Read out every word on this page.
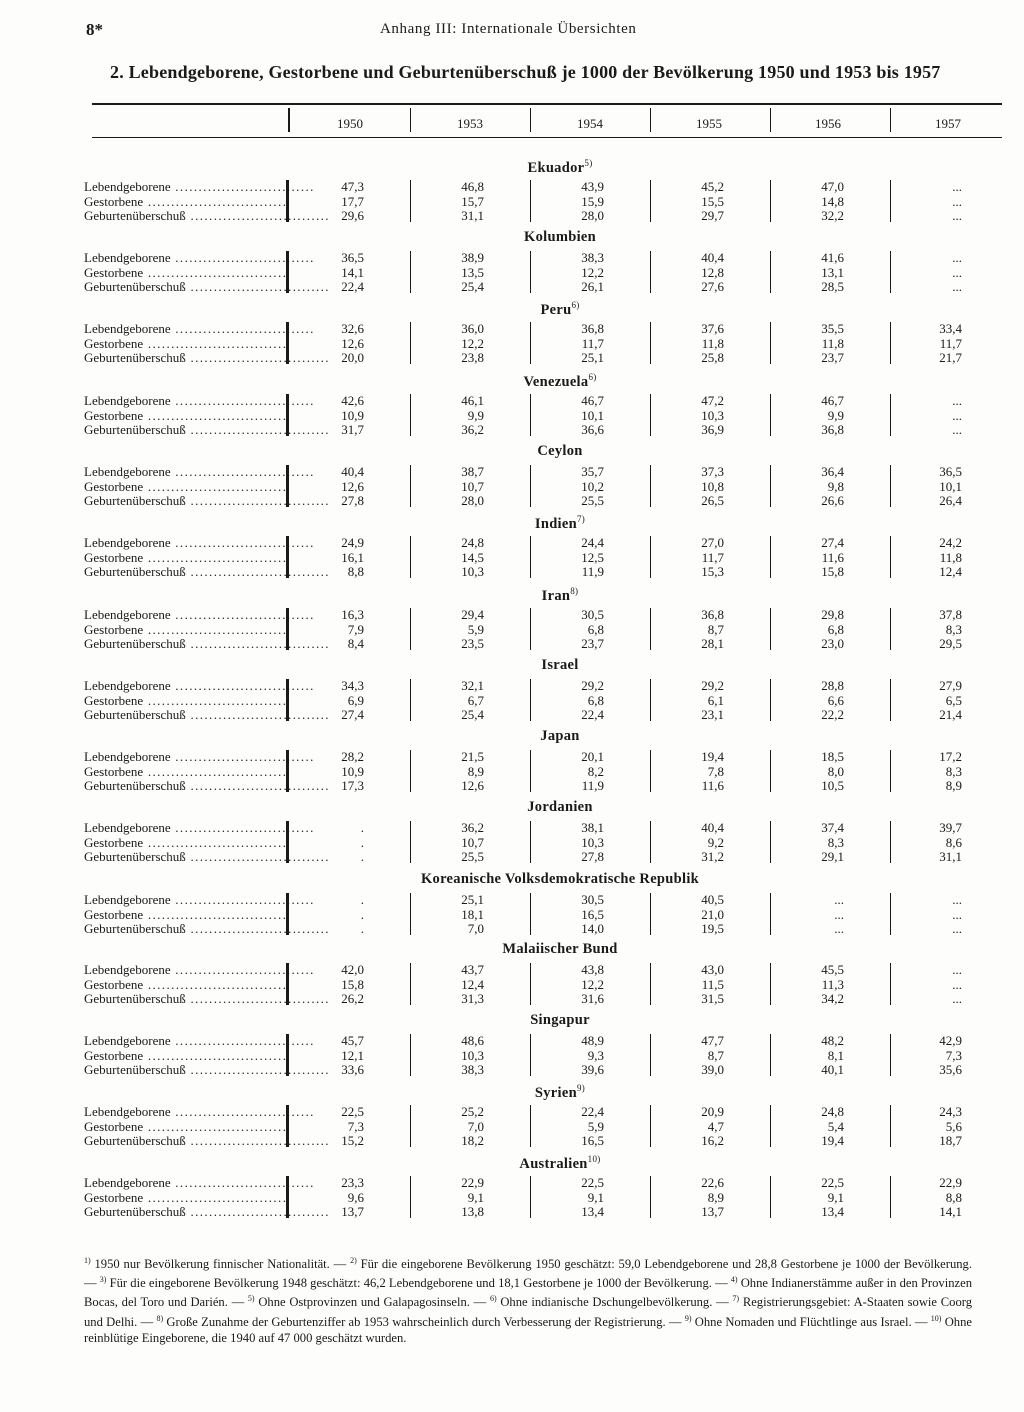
8*	Anhang III: Internationale Übersichten
2. Lebendgeborene, Gestorbene und Geburtenüberschuß je 1000 der Bevölkerung 1950 und 1953 bis 1957
1950	1953	1954	1955	1956	1957
Ekuador$^{5)}$
Lebendgeborene ..............................	47,3	46,8	43,9	45,2	47,0	...
Gestorbene ..............................	17,7	15,7	15,9	15,5	14,8	...
Geburtenüberschuß .............................. 29,6	31,1	28,0	29,7	32,2	...
Kolumbien
Lebendgeborene ..............................	36,5	38,9	38,3	40,4	41,6	...
Gestorbene ..............................	14,1	13,5	12,2	12,8	13,1	...
Geburtenüberschuß .............................. 22,4	25,4	26,1	27,6	28,5	...
Peru$^{6)}$
Lebendgeborene ..............................	32,6	36,0	36,8	37,6	35,5	33,4
Gestorbene ..............................	12,6	12,2	11,7	11,8	11,8	11,7
Geburtenüberschuß .............................. 20,0	23,8	25,1	25,8	23,7	21,7
Venezuela$^{6)}$
Lebendgeborene ..............................	42,6	46,1	46,7	47,2	46,7	...
Gestorbene ..............................	10,9	9,9	10,1	10,3	9,9	...
Geburtenüberschuß .............................. 31,7	36,2	36,6	36,9	36,8	...
Ceylon
Lebendgeborene ..............................	40,4	38,7	35,7	37,3	36,4	36,5
Gestorbene ..............................	12,6	10,7	10,2	10,8	9,8	10,1
Geburtenüberschuß .............................. 27,8	28,0	25,5	26,5	26,6	26,4
Indien$^{7)}$
Lebendgeborene ..............................	24,9	24,8	24,4	27,0	27,4	24,2
Gestorbene ..............................	16,1	14,5	12,5	11,7	11,6	11,8
Geburtenüberschuß ..............................	8,8	10,3	11,9	15,3	15,8	12,4
Iran$^{8)}$
Lebendgeborene ..............................	16,3	29,4	30,5	36,8	29,8	37,8
Gestorbene ..............................	7,9	5,9	6,8	8,7	6,8	8,3
Geburtenüberschuß ..............................	8,4	23,5	23,7	28,1	23,0	29,5
Israel
Lebendgeborene ..............................	34,3	32,1	29,2	29,2	28,8	27,9
Gestorbene ..............................	6,9	6,7	6,8	6,1	6,6	6,5
Geburtenüberschuß .............................. 27,4	25,4	22,4	23,1	22,2	21,4
Japan
Lebendgeborene ..............................	28,2	21,5	20,1	19,4	18,5	17,2
Gestorbene ..............................	10,9	8,9	8,2	7,8	8,0	8,3
Geburtenüberschuß .............................. 17,3	12,6	11,9	11,6	10,5	8,9
Jordanien
Lebendgeborene ..............................	.	36,2	38,1	40,4	37,4	39,7
Gestorbene ..............................	.	10,7	10,3	9,2	8,3	8,6
Geburtenüberschuß ..............................	.	25,5	27,8	31,2	29,1	31,1
Koreanische Volksdemokratische Republik
Lebendgeborene ..............................	.	25,1	30,5	40,5	...	...
Gestorbene ..............................	.	18,1	16,5	21,0	...	...
Geburtenüberschuß ..............................	.	7,0	14,0	19,5	...	...
Malaiischer Bund
Lebendgeborene ..............................	42,0	43,7	43,8	43,0	45,5	...
Gestorbene ..............................	15,8	12,4	12,2	11,5	11,3	...
Geburtenüberschuß .............................. 26,2	31,3	31,6	31,5	34,2	...
Singapur
Lebendgeborene ..............................	45,7	48,6	48,9	47,7	48,2	42,9
Gestorbene ..............................	12,1	10,3	9,3	8,7	8,1	7,3
Geburtenüberschuß .............................. 33,6	38,3	39,6	39,0	40,1	35,6
Syrien$^{9)}$
Lebendgeborene ..............................	22,5	25,2	22,4	20,9	24,8	24,3
Gestorbene ..............................	7,3	7,0	5,9	4,7	5,4	5,6
Geburtenüberschuß .............................. 15,2	18,2	16,5	16,2	19,4	18,7
Australien$^{10)}$
Lebendgeborene ..............................	23,3	22,9	22,5	22,6	22,5	22,9
Gestorbene ..............................	9,6	9,1	9,1	8,9	9,1	8,8
Geburtenüberschuß .............................. 13,7	13,8	13,4	13,7	13,4	14,1
$^{1)}$ 1950 nur Bevölkerung finnischer Nationalität. — $^{2)}$ Für die eingeborene Bevölkerung 1950 geschätzt: 59,0 Lebendgeborene und 28,8 Gestorbene je 1000 der Bevölkerung. — $^{3)}$ Für die eingeborene Bevölkerung 1948 geschätzt: 46,2 Lebendgeborene und 18,1 Gestorbene je 1000 der Bevölkerung. — $^{4)}$ Ohne Indianerstämme außer in den Provinzen Bocas, del Toro und Darién. — $^{5)}$ Ohne Ostprovinzen und Galapagosinseln. — $^{6)}$ Ohne indianische Dschungelbevölkerung. — $^{7)}$ Registrierungsgebiet: A-Staaten sowie Coorg und Delhi. — $^{8)}$ Große Zunahme der Geburtenziffer ab 1953 wahrscheinlich durch Verbesserung der Registrierung. — $^{9)}$ Ohne Nomaden und Flüchtlinge aus Israel. — $^{10)}$ Ohne reinblütige Eingeborene, die 1940 auf 47 000 geschätzt wurden.
